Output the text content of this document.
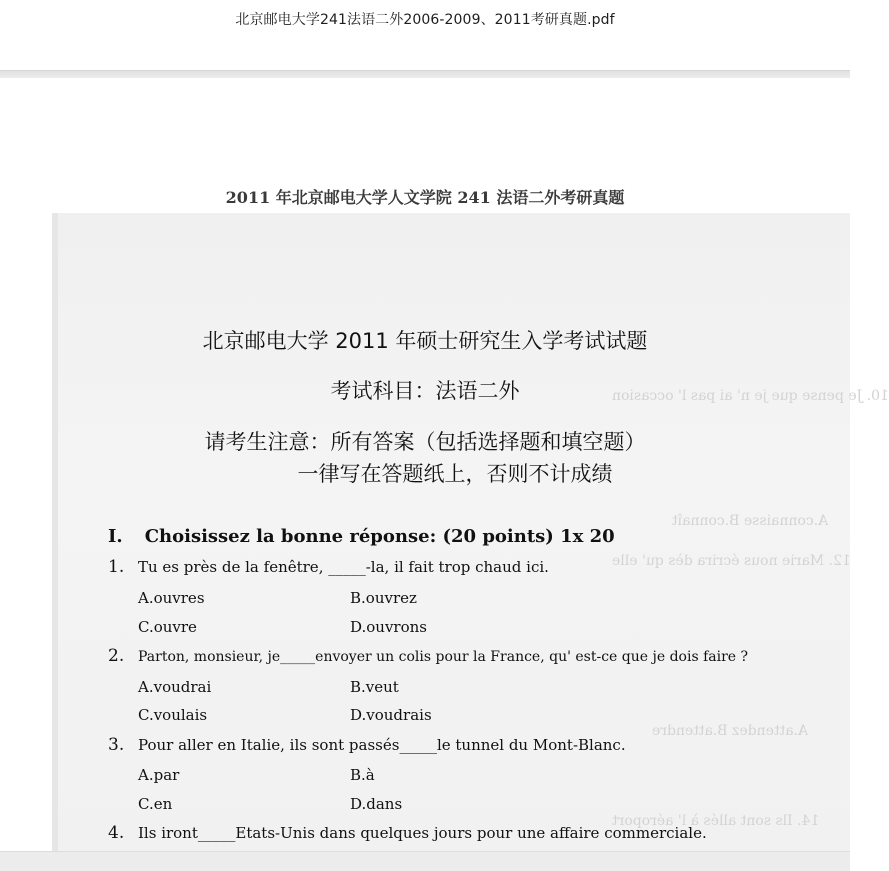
北京邮电大学241法语二外2006-2009、2011考研真题.pdf
10. Je pense que je n' ai pas l' occasion
A.connaisse B.connaît
12. Marie nous écrira dès qu' elle
A.attendez B.attendre
14. Ils sont allés à l' aéroport
2011 年北京邮电大学人文学院 241 法语二外考研真题
北京邮电大学 2011 年硕士研究生入学考试试题
考试科目：法语二外
请考生注意：所有答案（包括选择题和填空题）
一律写在答题纸上，否则不计成绩
I. Choisissez la bonne réponse: (20 points) 1x 20
1. Tu es près de la fenêtre, _____-la, il fait trop chaud ici.
A.ouvres	B.ouvrez
C.ouvre	D.ouvrons
2. Parton, monsieur, je_____envoyer un colis pour la France, qu' est-ce que je dois faire ?
A.voudrai	B.veut
C.voulais	D.voudrais
3. Pour aller en Italie, ils sont passés_____le tunnel du Mont-Blanc.
A.par	B.à
C.en	D.dans
4. Ils iront_____Etats-Unis dans quelques jours pour une affaire commerciale.
